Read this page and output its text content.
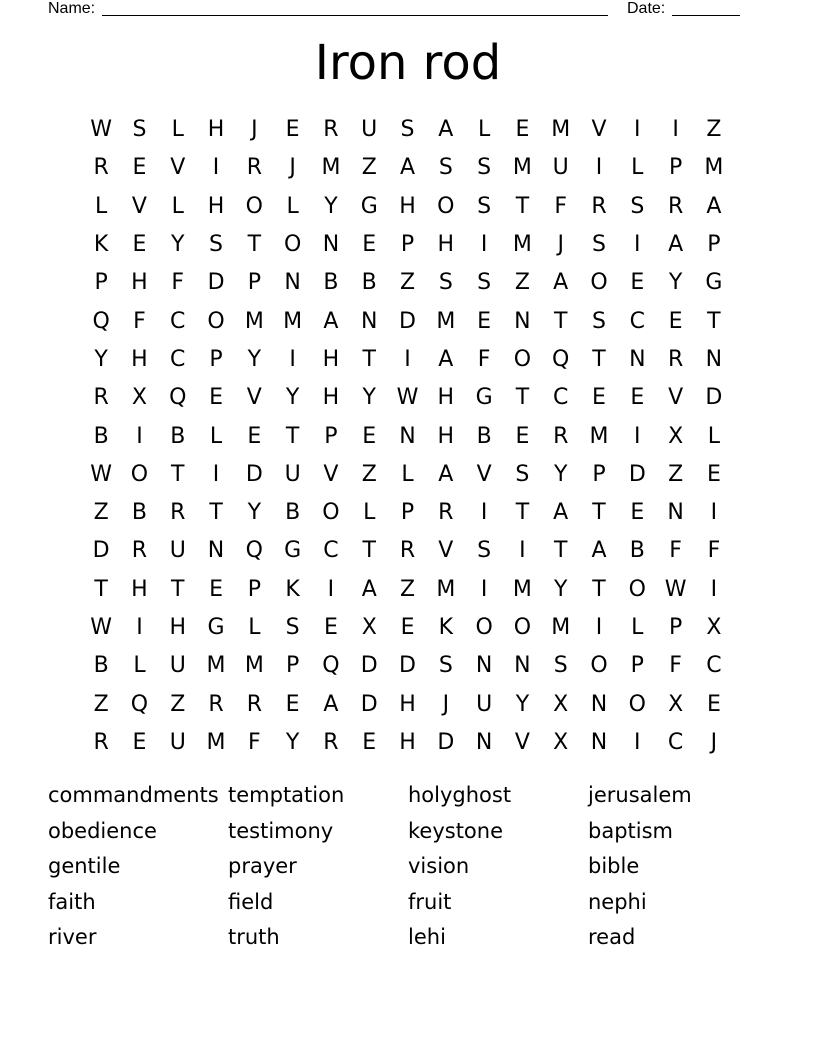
Name:	Date:
Iron rod
W S	L	H	J	E	R	U	S	A	L	E M V	I	I	Z
R	E	V	I	R	J	M Z	A	S	S M U	I	L	P	M
L	V	L	H O	L	Y	G H O	S	T	F	R	S	R	A
K	E	Y	S	T	O N	E	P	H	I	M	J	S	I	A	P
P	H	F	D	P	N	B	B	Z	S	S	Z	A	O	E	Y	G
Q	F	C O M M A	N D M E	N	T	S	C	E	T
Y	H	C	P	Y	I	H	T	I	A	F	O Q	T	N	R	N
R	X	Q	E	V	Y	H	Y W H G	T	C	E	E	V	D
B	I	B	L	E	T	P	E	N H	B	E	R M	I	X	L
W O	T	I	D U	V	Z	L	A	V	S	Y	P	D	Z	E
Z	B	R	T	Y	B	O	L	P	R	I	T	A	T	E	N	I
D	R	U	N Q G	C	T	R	V	S	I	T	A	B	F	F
T	H	T	E	P	K	I	A	Z M	I	M	Y	T	O W	I
W	I	H G	L	S	E	X	E	K	O O M	I	L	P	X
B	L	U M M	P	Q D D	S	N N	S	O	P	F	C
Z	Q	Z	R	R	E	A	D H	J	U	Y	X	N O	X	E
R	E	U M	F	Y	R	E	H D N	V	X	N	I	C	J
commandments temptation	holyghost	jerusalem
obedience	testimony	keystone	baptism
gentile	prayer	vision	bible
faith	field	fruit	nephi
river	truth	lehi	read
